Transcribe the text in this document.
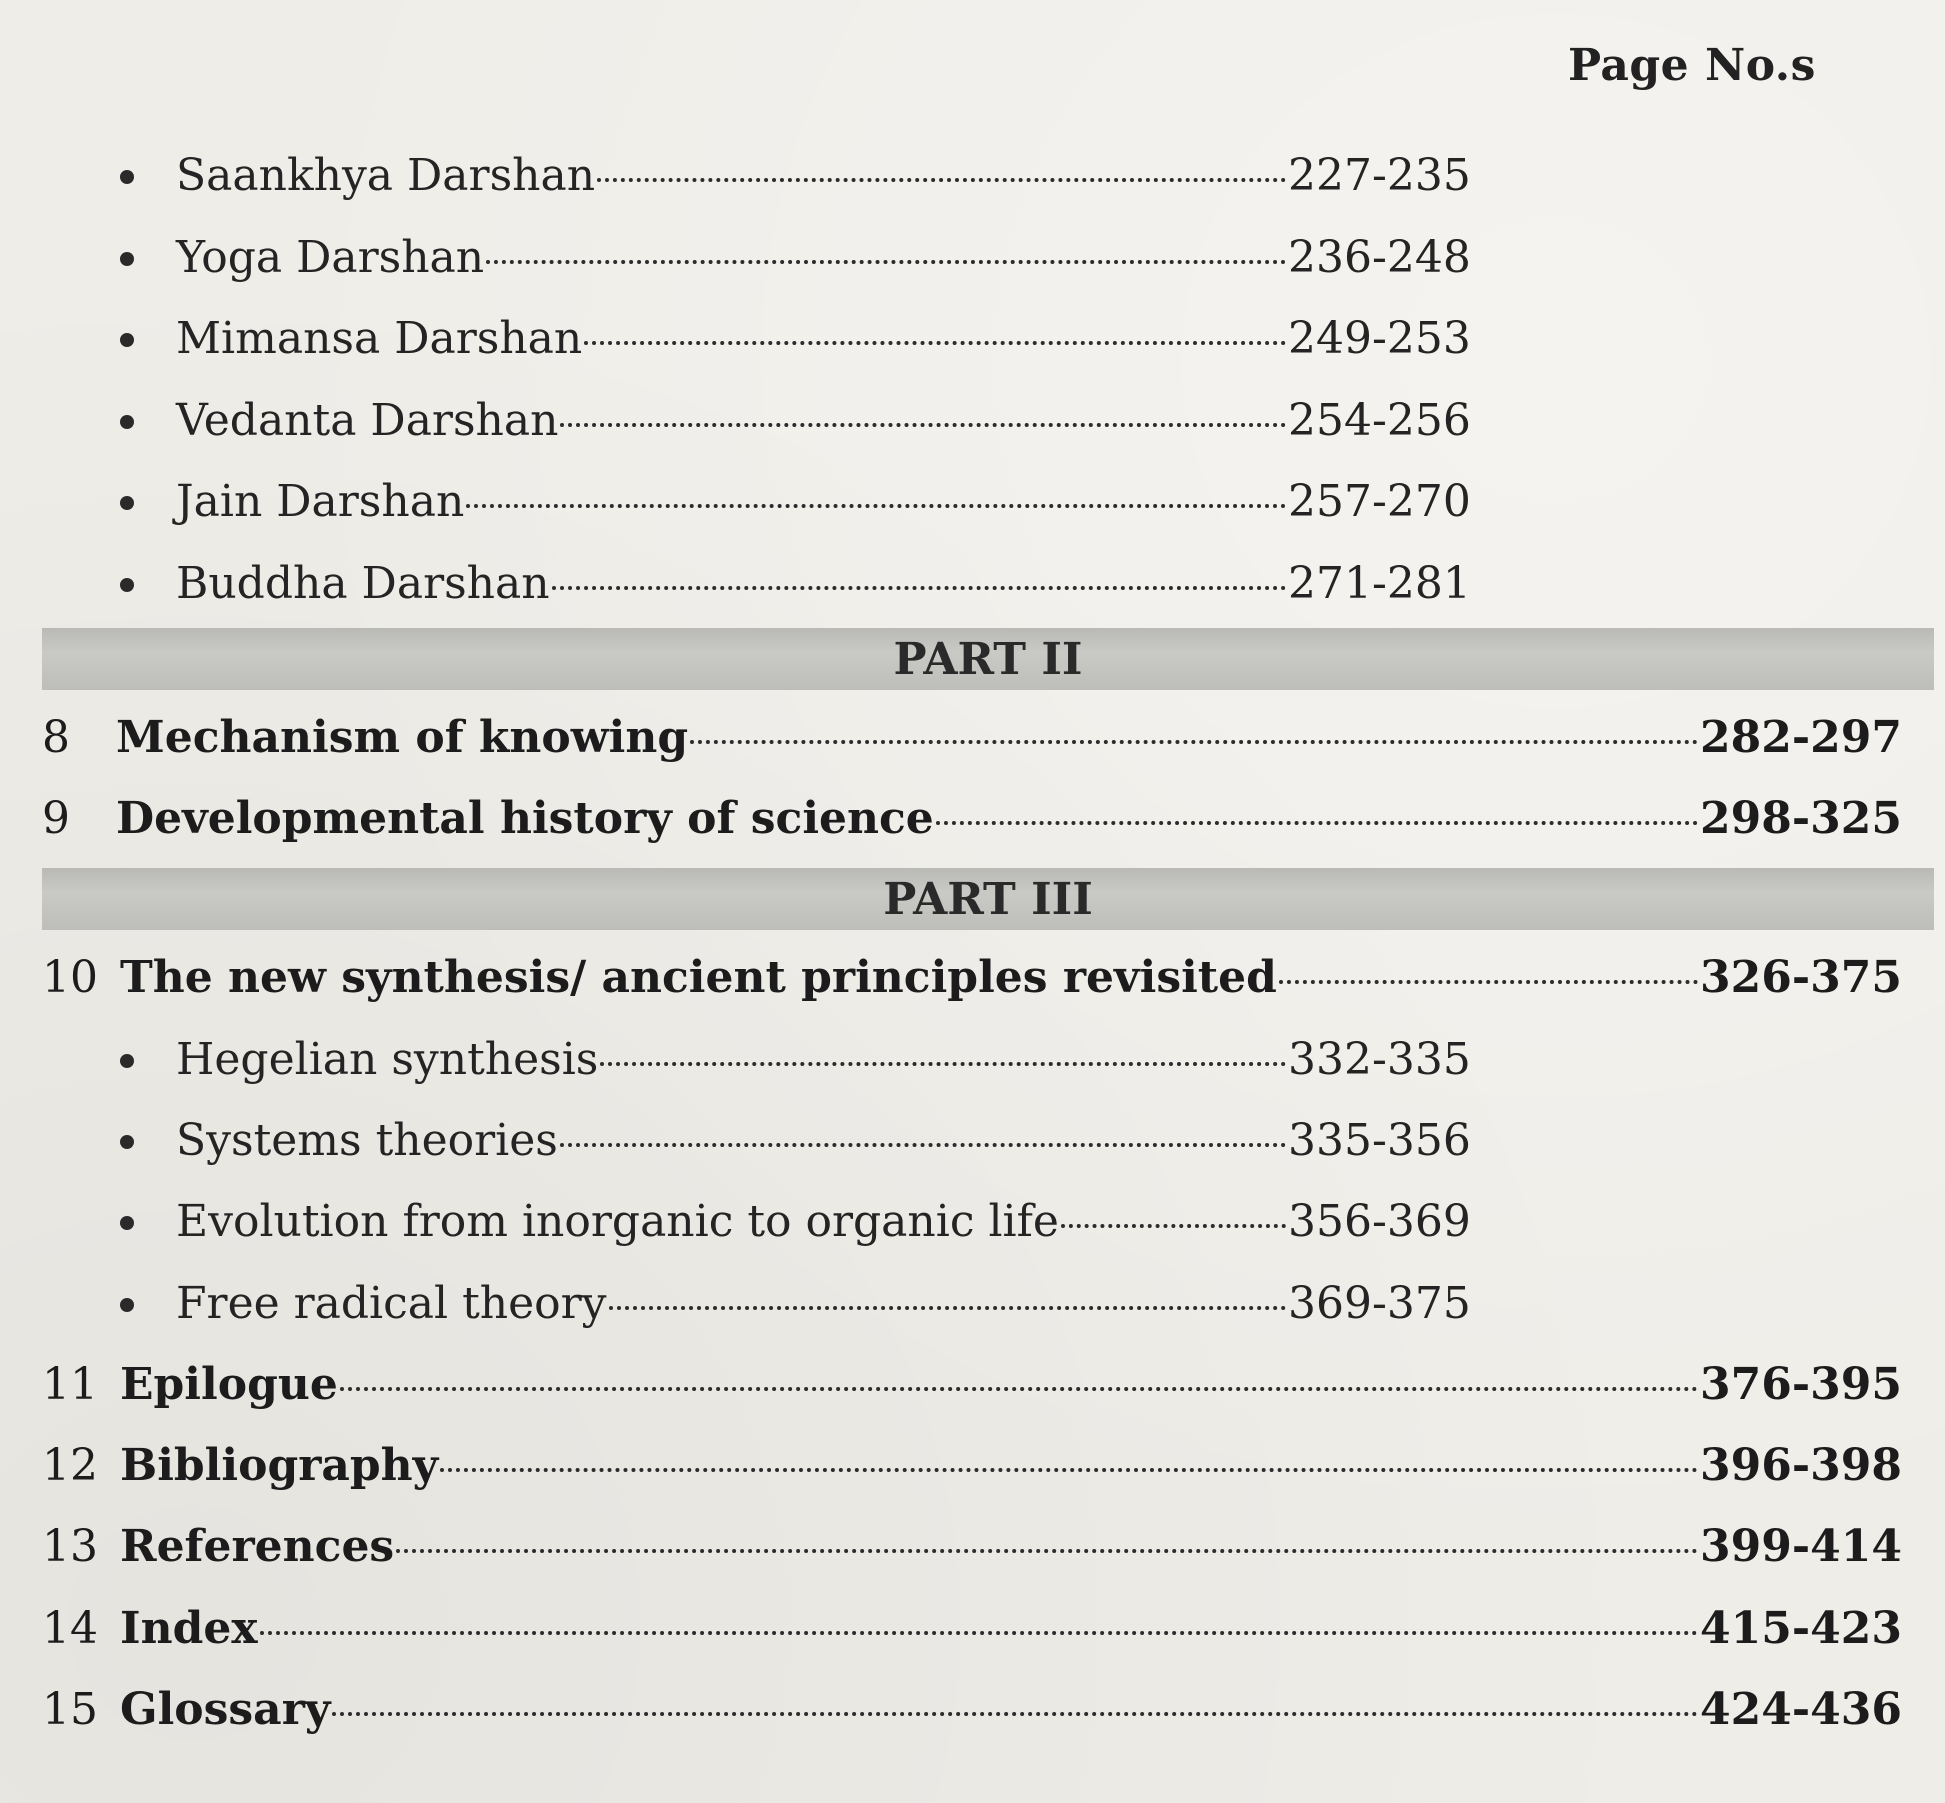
Page No.s
Saankhya Darshan	227-235
Yoga Darshan	236-248
Mimansa Darshan	249-253
Vedanta Darshan	254-256
Jain Darshan	257-270
Buddha Darshan	271-281
PART II
8	Mechanism of knowing	282-297
9	Developmental history of science	298-325
PART III
10 The new synthesis/ ancient principles revisited	326-375
Hegelian synthesis	332-335
Systems theories	335-356
Evolution from inorganic to organic life	356-369
Free radical theory	369-375
11 Epilogue	376-395
12 Bibliography	396-398
13 References	399-414
14 Index	415-423
15 Glossary	424-436
